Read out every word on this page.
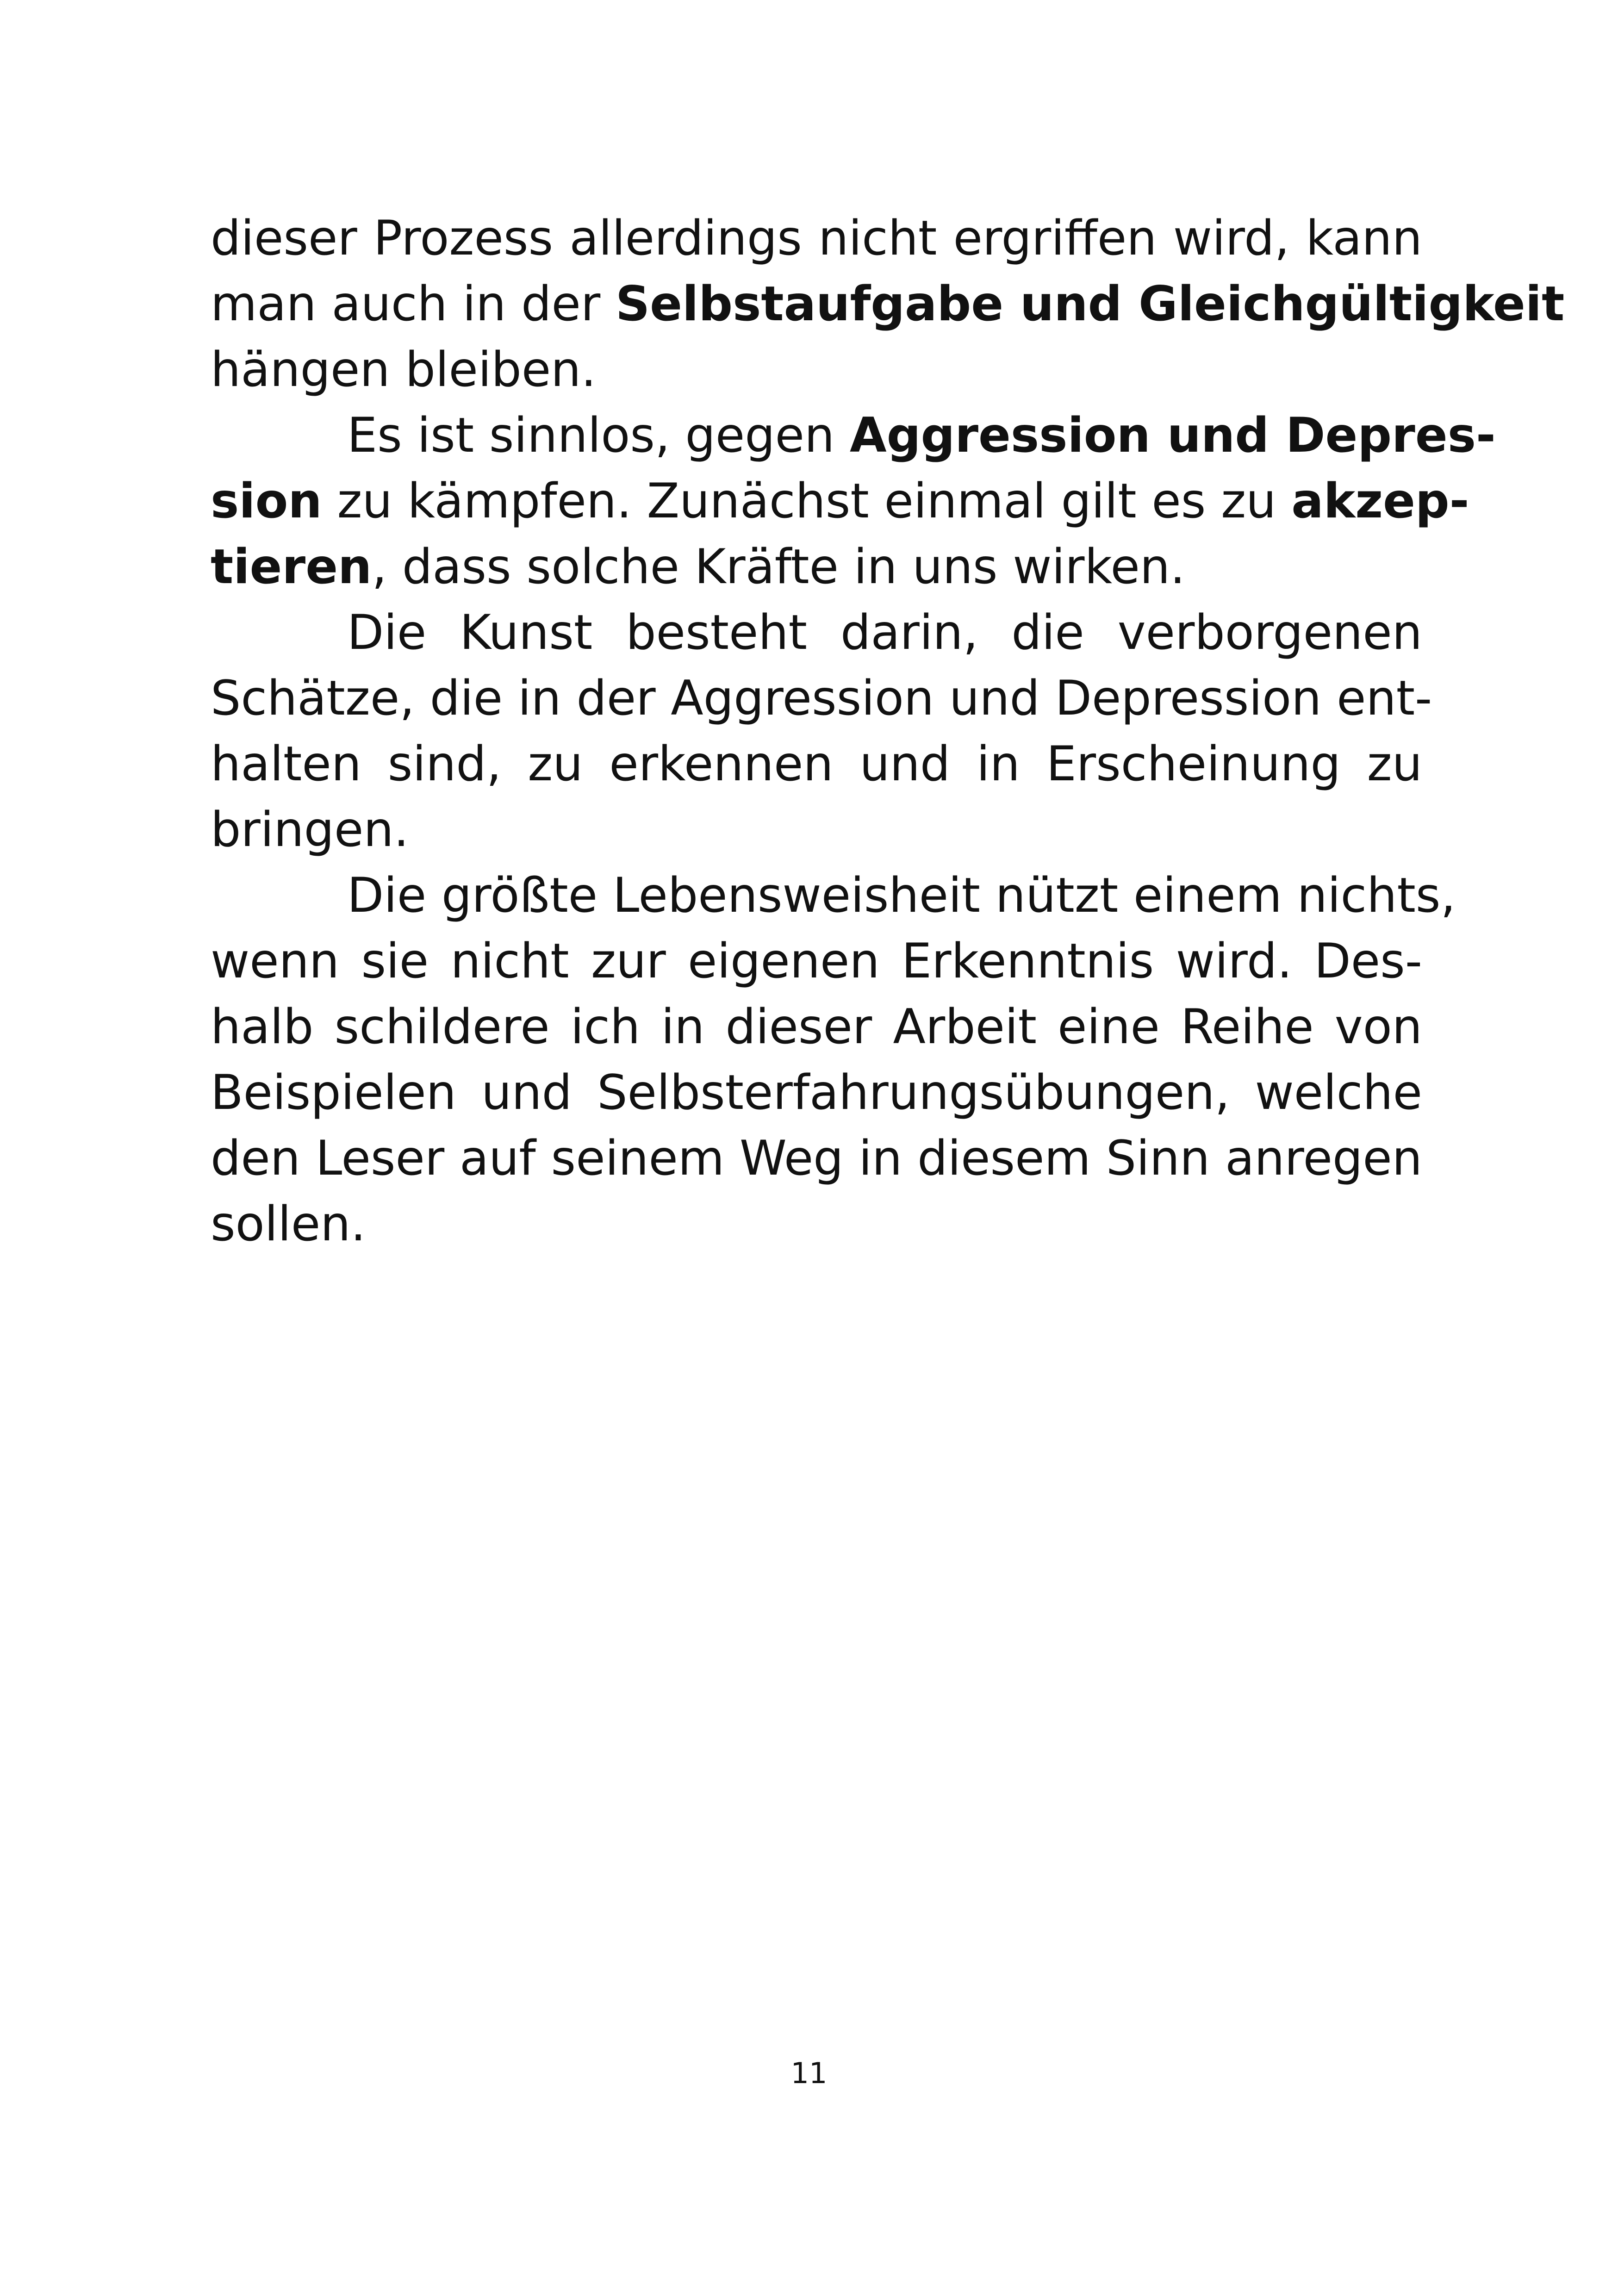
dieser Prozess allerdings nicht ergriffen wird, kann
man auch in der Selbstaufgabe und Gleichgültigkeit
hängen bleiben.
Es ist sinnlos, gegen Aggression und Depres-
sion zu kämpfen. Zunächst einmal gilt es zu akzep-
tieren, dass solche Kräfte in uns wirken.
Die Kunst besteht darin, die verborgenen
Schätze, die in der Aggression und Depression ent-
halten sind, zu erkennen und in Erscheinung zu
bringen.
Die größte Lebensweisheit nützt einem nichts,
wenn sie nicht zur eigenen Erkenntnis wird. Des-
halb schildere ich in dieser Arbeit eine Reihe von
Beispielen und Selbsterfahrungsübungen, welche
den Leser auf seinem Weg in diesem Sinn anregen
sollen.
11
